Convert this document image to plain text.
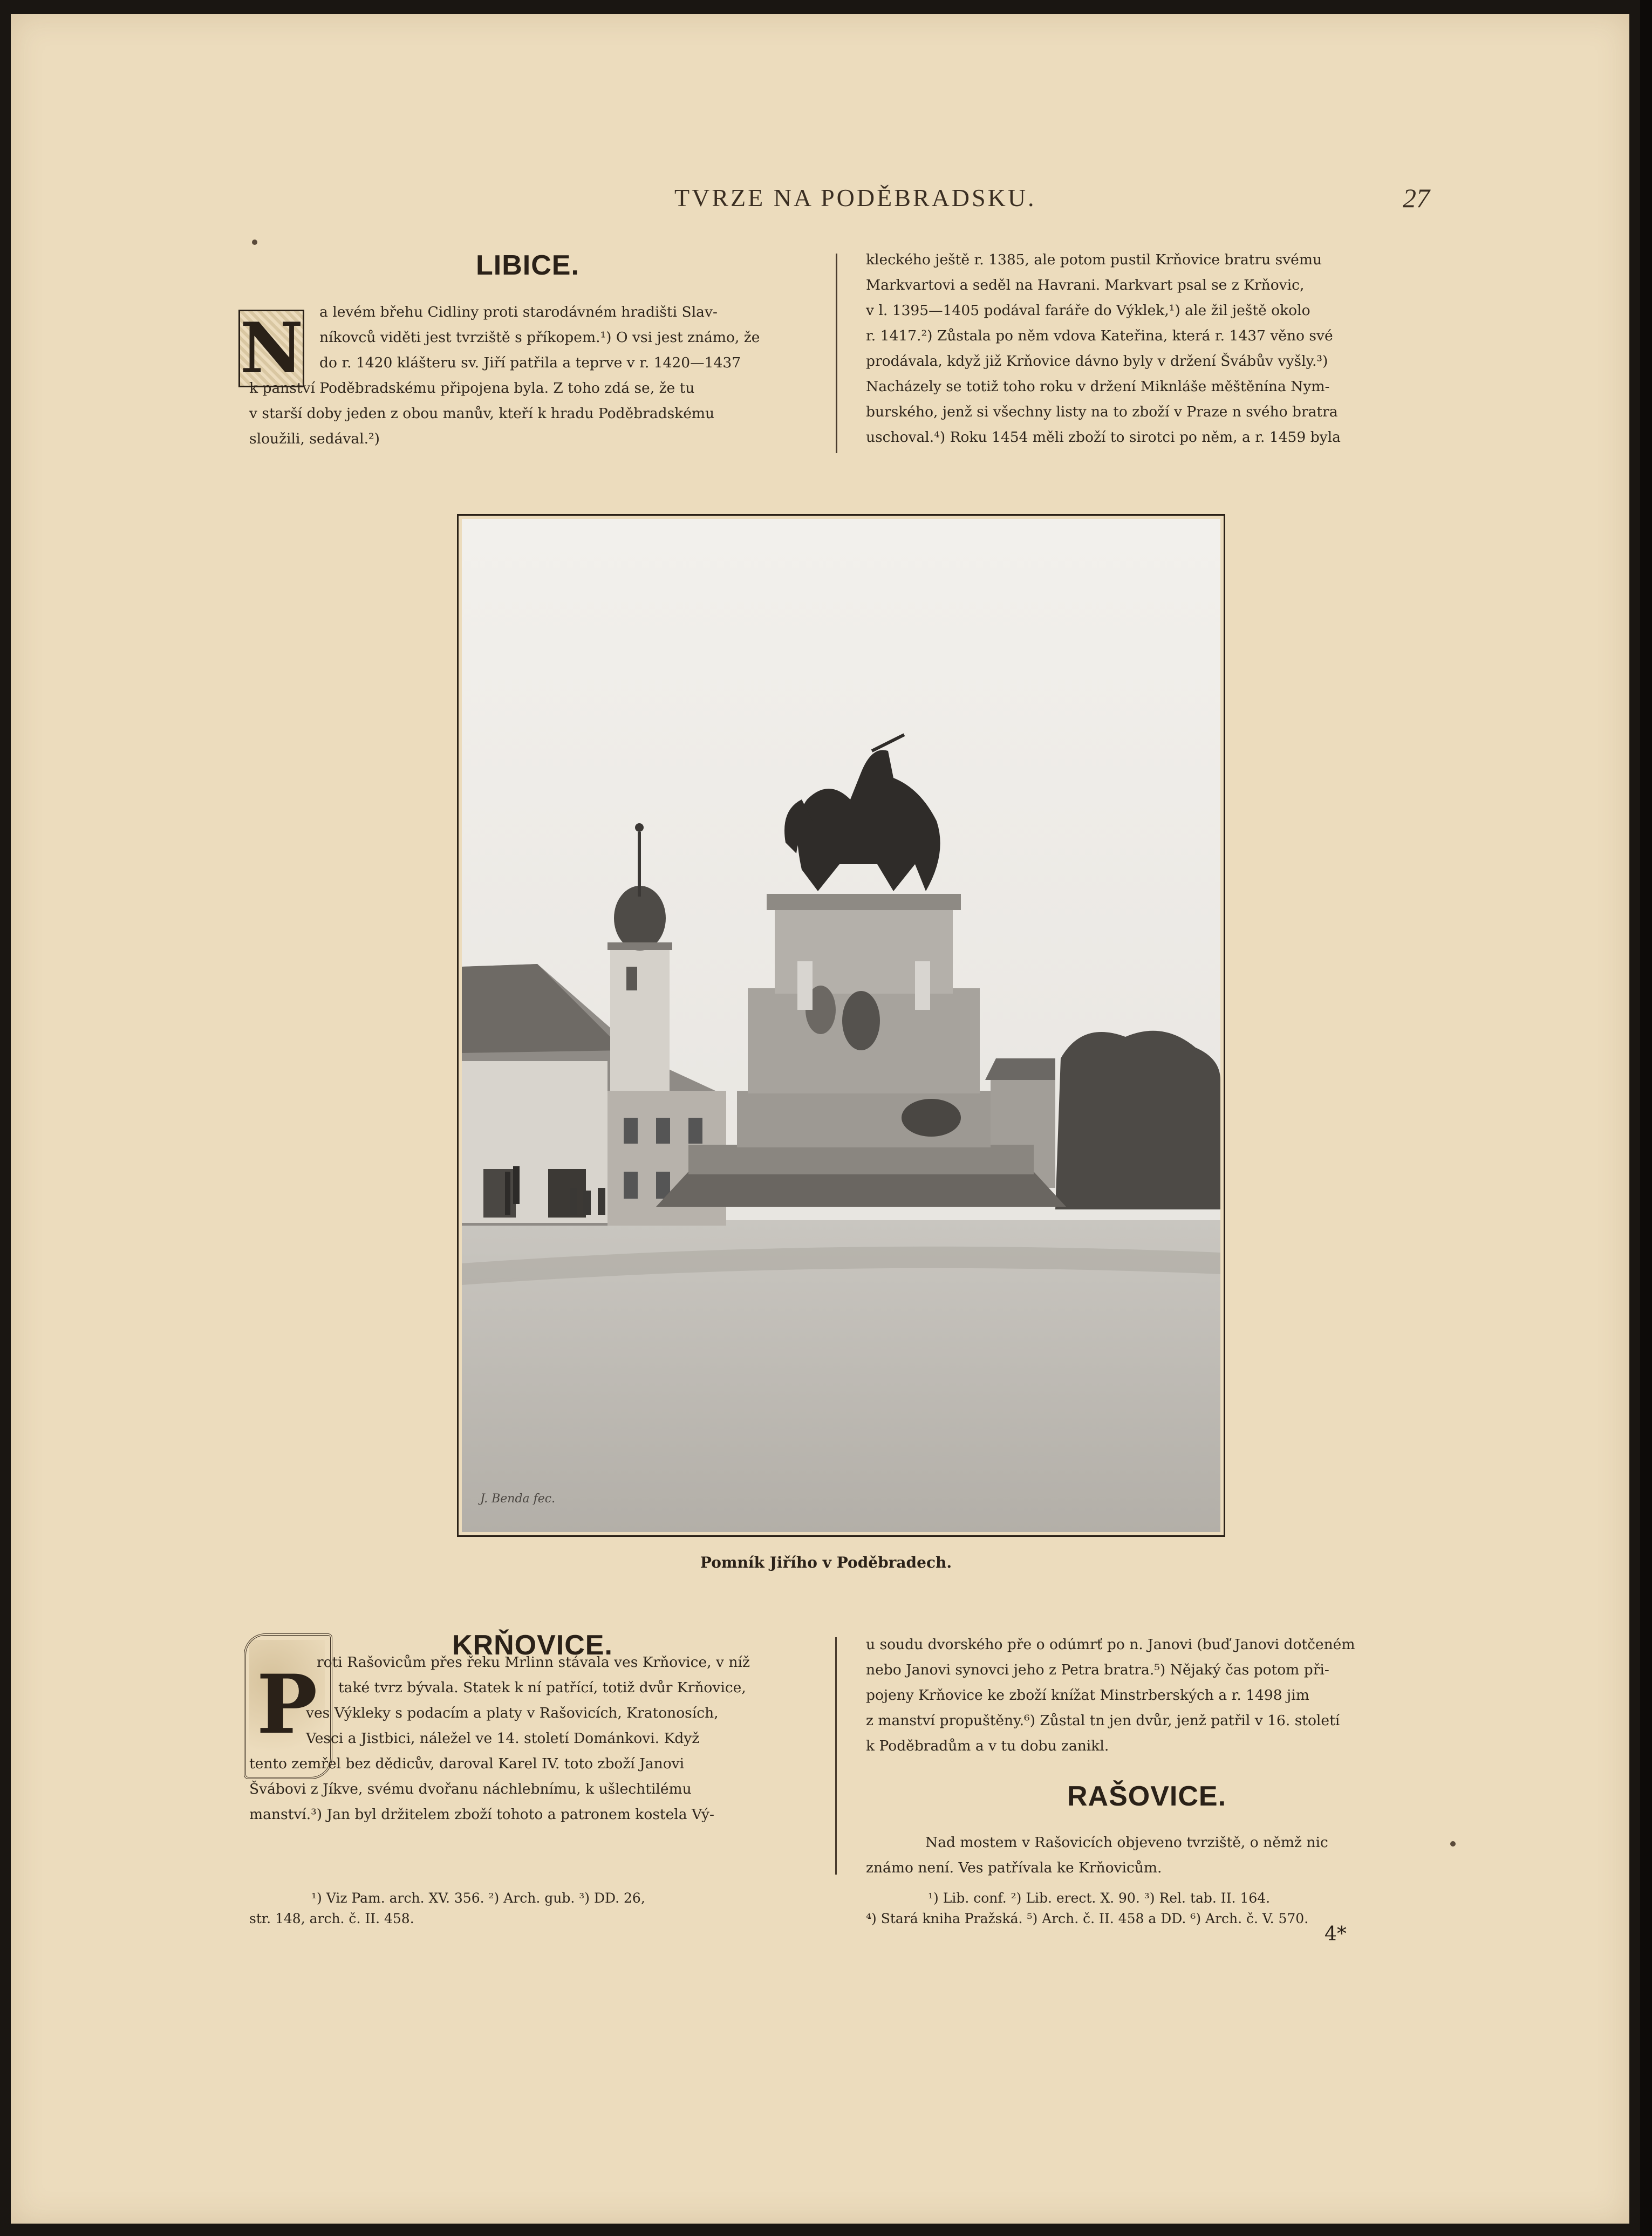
TVRZE NA PODĚBRADSKU.	27
LIBICE.
N	a levém břehu Cidliny proti starodávném hradišti Slav-
níkovců viděti jest tvrziště s příkopem.¹) O vsi jest známo, že
do r. 1420 klášteru sv. Jiří patřila a teprve v r. 1420—1437
k panství Poděbradskému připojena byla. Z toho zdá se, že tu
v starší doby jeden z obou manův, kteří k hradu Poděbradskému
sloužili, sedával.²)
kleckého ještě r. 1385, ale potom pustil Krňovice bratru svému
Markvartovi a seděl na Havrani. Markvart psal se z Krňovic,
v l. 1395—1405 podával faráře do Výklek,¹) ale žil ještě okolo
r. 1417.²) Zůstala po něm vdova Kateřina, která r. 1437 věno své
prodávala, když již Krňovice dávno byly v držení Švábův vyšly.³)
Nacházely se totiž toho roku v držení Miknláše měštěnína Nym-
burského, jenž si všechny listy na to zboží v Praze n svého bratra
uschoval.⁴) Roku 1454 měli zboží to sirotci po něm, a r. 1459 byla
J. Benda fec.
Pomník Jiřího v Poděbradech.
KRŇOVICE.
P
roti Rašovicům přes řeku Mrlinn stávala ves Krňovice, v níž
také tvrz bývala. Statek k ní patřící, totiž dvůr Krňovice,
ves Výkleky s podacím a platy v Rašovicích, Kratonosích,
Vesci a Jistbici, náležel ve 14. století Dománkovi. Když
tento zemřel bez dědicův, daroval Karel IV. toto zboží Janovi
Švábovi z Jíkve, svému dvořanu náchlebnímu, k ušlechtilému
manství.³) Jan byl držitelem zboží tohoto a patronem kostela Vý-
u soudu dvorského pře o odúmrť po n. Janovi (buď Janovi dotčeném
nebo Janovi synovci jeho z Petra bratra.⁵) Nějaký čas potom při-
pojeny Krňovice ke zboží knížat Minstrberských a r. 1498 jim
z manství propuštěny.⁶) Zůstal tn jen dvůr, jenž patřil v 16. století
k Poděbradům a v tu dobu zanikl.
RAŠOVICE.
Nad mostem v Rašovicích objeveno tvrziště, o němž nic
známo není. Ves patřívala ke Krňovicům.
¹) Viz Pam. arch. XV. 356. ²) Arch. gub. ³) DD. 26,
str. 148, arch. č. II. 458.
¹) Lib. conf. ²) Lib. erect. X. 90. ³) Rel. tab. II. 164.
⁴) Stará kniha Pražská. ⁵) Arch. č. II. 458 a DD. ⁶) Arch. č. V. 570.
4*
